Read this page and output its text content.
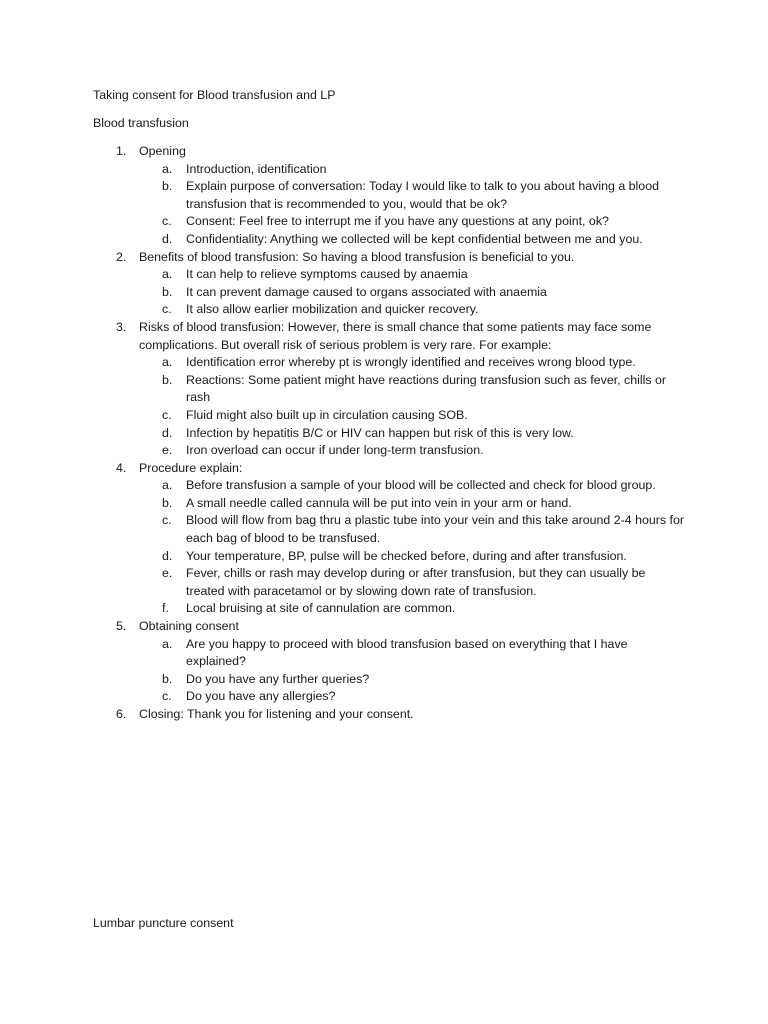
Taking consent for Blood transfusion and LP
Blood transfusion
1. Opening
a. Introduction, identification
b. Explain purpose of conversation: Today I would like to talk to you about having a blood transfusion that is recommended to you, would that be ok?
c. Consent: Feel free to interrupt me if you have any questions at any point, ok?
d. Confidentiality: Anything we collected will be kept confidential between me and you.
2. Benefits of blood transfusion: So having a blood transfusion is beneficial to you.
a. It can help to relieve symptoms caused by anaemia
b. It can prevent damage caused to organs associated with anaemia
c. It also allow earlier mobilization and quicker recovery.
3. Risks of blood transfusion: However, there is small chance that some patients may face some complications. But overall risk of serious problem is very rare. For example:
a. Identification error whereby pt is wrongly identified and receives wrong blood type.
b. Reactions: Some patient might have reactions during transfusion such as fever, chills or rash
c. Fluid might also built up in circulation causing SOB.
d. Infection by hepatitis B/C or HIV can happen but risk of this is very low.
e. Iron overload can occur if under long-term transfusion.
4. Procedure explain:
a. Before transfusion a sample of your blood will be collected and check for blood group.
b. A small needle called cannula will be put into vein in your arm or hand.
c. Blood will flow from bag thru a plastic tube into your vein and this take around 2-4 hours for each bag of blood to be transfused.
d. Your temperature, BP, pulse will be checked before, during and after transfusion.
e. Fever, chills or rash may develop during or after transfusion, but they can usually be treated with paracetamol or by slowing down rate of transfusion.
f. Local bruising at site of cannulation are common.
5. Obtaining consent
a. Are you happy to proceed with blood transfusion based on everything that I have explained?
b. Do you have any further queries?
c. Do you have any allergies?
6. Closing: Thank you for listening and your consent.
Lumbar puncture consent
